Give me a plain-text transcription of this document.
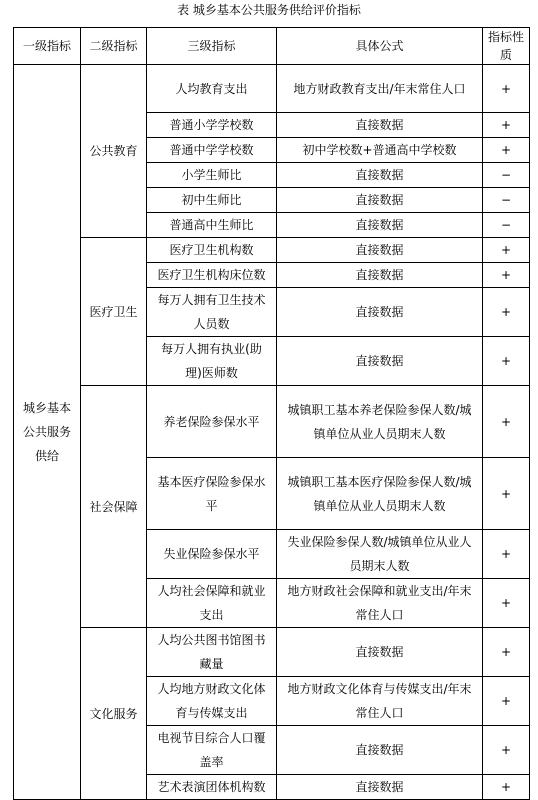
表 城乡基本公共服务供给评价指标
一级指标	二级指标	三级指标	具体公式	指标性质
城乡基本公共服务供给	公共教育	人均教育支出	地方财政教育支出/年末常住人口	+
		普通小学学校数	直接数据	+
		普通中学学校数	初中学校数+普通高中学校数	+
		小学生师比	直接数据	−
		初中生师比	直接数据	−
		普通高中生师比	直接数据	−
	医疗卫生	医疗卫生机构数	直接数据	+
		医疗卫生机构床位数	直接数据	+
		每万人拥有卫生技术人员数	直接数据	+
		每万人拥有执业(助理)医师数	直接数据	+
	社会保障	养老保险参保水平	城镇职工基本养老保险参保人数/城镇单位从业人员期末人数	+
		基本医疗保险参保水平	城镇职工基本医疗保险参保人数/城镇单位从业人员期末人数	+
		失业保险参保水平	失业保险参保人数/城镇单位从业人员期末人数	+
		人均社会保障和就业支出	地方财政社会保障和就业支出/年末常住人口	+
	文化服务	人均公共图书馆图书藏量	直接数据	+
		人均地方财政文化体育与传媒支出	地方财政文化体育与传媒支出/年末常住人口	+
		电视节目综合人口覆盖率	直接数据	+
		艺术表演团体机构数	直接数据	+
